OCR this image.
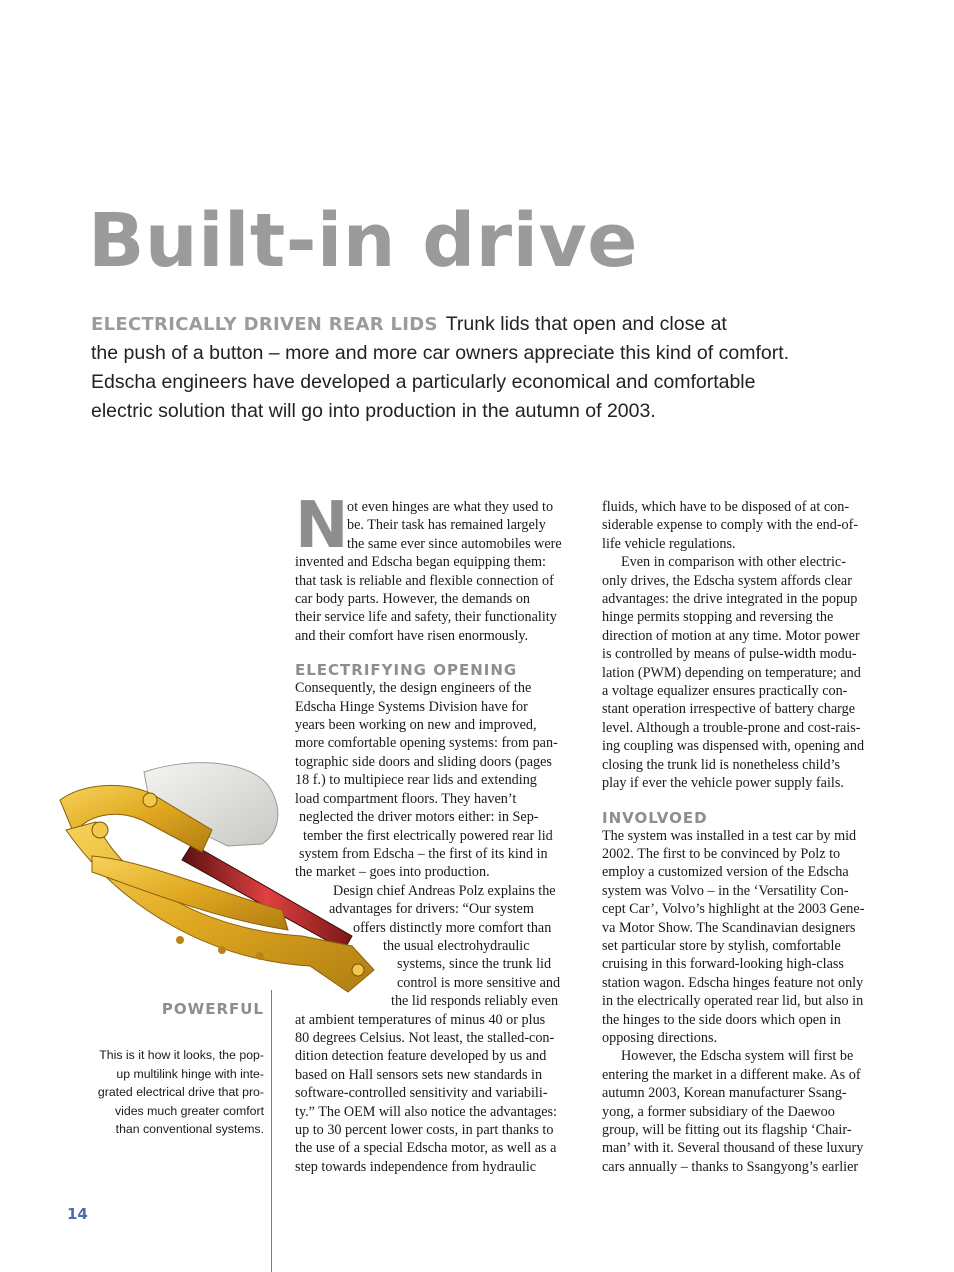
Built-in drive

ELECTRICALLY DRIVEN REAR LIDS Trunk lids that open and close at
the push of a button – more and more car owners appreciate this kind of comfort.
Edscha engineers have developed a particularly economical and comfortable
electric solution that will go into production in the autumn of 2003.

N
ot even hinges are what they used to
be. Their task has remained largely
the same ever since automobiles were
invented and Edscha began equipping them:
that task is reliable and flexible connection of
car body parts. However, the demands on
their service life and safety, their functionality
and their comfort have risen enormously.
ELECTRIFYING OPENING
Consequently, the design engineers of the
Edscha Hinge Systems Division have for
years been working on new and improved,
more comfortable opening systems: from pan-
tographic side doors and sliding doors (pages
18 f.) to multipiece rear lids and extending
load compartment floors. They haven’t
neglected the driver motors either: in Sep-
tember the first electrically powered rear lid
system from Edscha – the first of its kind in
the market – goes into production.
Design chief Andreas Polz explains the
advantages for drivers: “Our system
offers distinctly more comfort than
the usual electrohydraulic
systems, since the trunk lid
control is more sensitive and
the lid responds reliably even
at ambient temperatures of minus 40 or plus
80 degrees Celsius. Not least, the stalled-con-
dition detection feature developed by us and
based on Hall sensors sets new standards in
software-controlled sensitivity and variabili-
ty.” The OEM will also notice the advantages:
up to 30 percent lower costs, in part thanks to
the use of a special Edscha motor, as well as a
step towards independence from hydraulic
fluids, which have to be disposed of at con-
siderable expense to comply with the end-of-
life vehicle regulations.
Even in comparison with other electric-
only drives, the Edscha system affords clear
advantages: the drive integrated in the popup
hinge permits stopping and reversing the
direction of motion at any time. Motor power
is controlled by means of pulse-width modu-
lation (PWM) depending on temperature; and
a voltage equalizer ensures practically con-
stant operation irrespective of battery charge
level. Although a trouble-prone and cost-rais-
ing coupling was dispensed with, opening and
closing the trunk lid is nonetheless child’s
play if ever the vehicle power supply fails.
INVOLVOED
The system was installed in a test car by mid
2002. The first to be convinced by Polz to
employ a customized version of the Edscha
system was Volvo – in the ‘Versatility Con-
cept Car’, Volvo’s highlight at the 2003 Gene-
va Motor Show. The Scandinavian designers
set particular store by stylish, comfortable
cruising in this forward-looking high-class
station wagon. Edscha hinges feature not only
in the electrically operated rear lid, but also in
the hinges to the side doors which open in
opposing directions.
However, the Edscha system will first be
entering the market in a different make. As of
autumn 2003, Korean manufacturer Ssang-
yong, a former subsidiary of the Daewoo
group, will be fitting out its flagship ‘Chair-
man’ with it. Several thousand of these luxury
cars annually – thanks to Ssangyong’s earlier
POWERFUL
This is it how it looks, the pop-
up multilink hinge with inte-
grated electrical drive that pro-
vides much greater comfort
than conventional systems.
14
